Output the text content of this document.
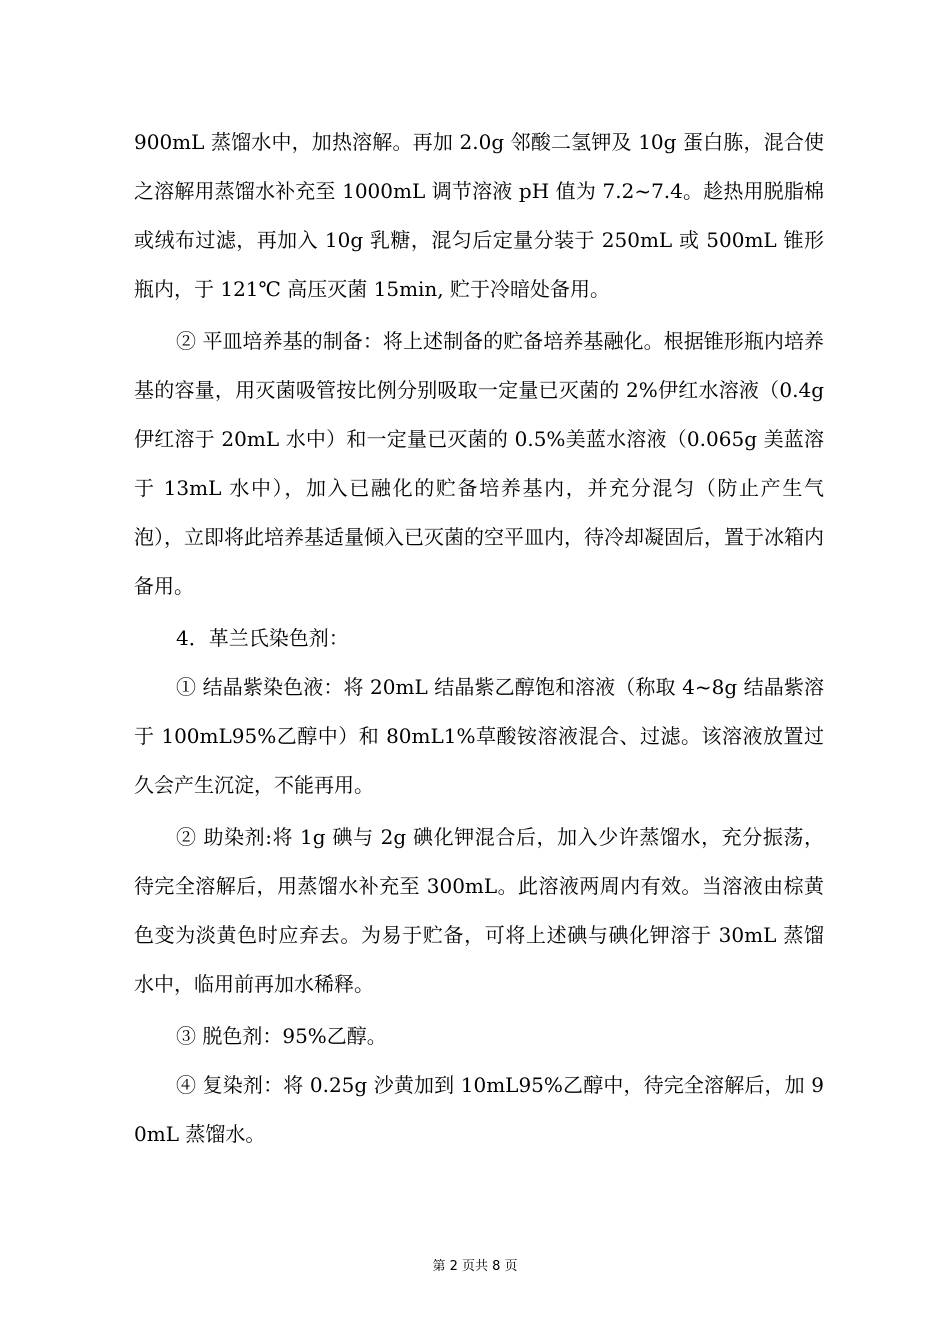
900mL 蒸馏水中，加热溶解。再加 2.0g 邻酸二氢钾及 10g 蛋白胨，混合使之溶解用蒸馏水补充至 1000mL 调节溶液 pH 值为 7.2~7.4。趁热用脱脂棉或绒布过滤，再加入 10g 乳糖，混匀后定量分装于 250mL 或 500mL 锥形瓶内，于 121℃ 高压灭菌 15min, 贮于冷暗处备用。

② 平皿培养基的制备：将上述制备的贮备培养基融化。根据锥形瓶内培养基的容量，用灭菌吸管按比例分别吸取一定量已灭菌的 2%伊红水溶液（0.4g 伊红溶于 20mL 水中）和一定量已灭菌的 0.5%美蓝水溶液（0.065g 美蓝溶于 13mL 水中），加入已融化的贮备培养基内，并充分混匀（防止产生气泡），立即将此培养基适量倾入已灭菌的空平皿内，待冷却凝固后，置于冰箱内备用。

4．革兰氏染色剂：

① 结晶紫染色液：将 20mL 结晶紫乙醇饱和溶液（称取 4~8g 结晶紫溶于 100mL95%乙醇中）和 80mL1%草酸铵溶液混合、过滤。该溶液放置过久会产生沉淀，不能再用。

② 助染剂:将 1g 碘与 2g 碘化钾混合后，加入少许蒸馏水，充分振荡，待完全溶解后，用蒸馏水补充至 300mL。此溶液两周内有效。当溶液由棕黄色变为淡黄色时应弃去。为易于贮备，可将上述碘与碘化钾溶于 30mL 蒸馏水中，临用前再加水稀释。

③ 脱色剂：95%乙醇。

④ 复染剂：将 0.25g 沙黄加到 10mL95%乙醇中，待完全溶解后，加 90mL 蒸馏水。

第 2 页共 8 页
